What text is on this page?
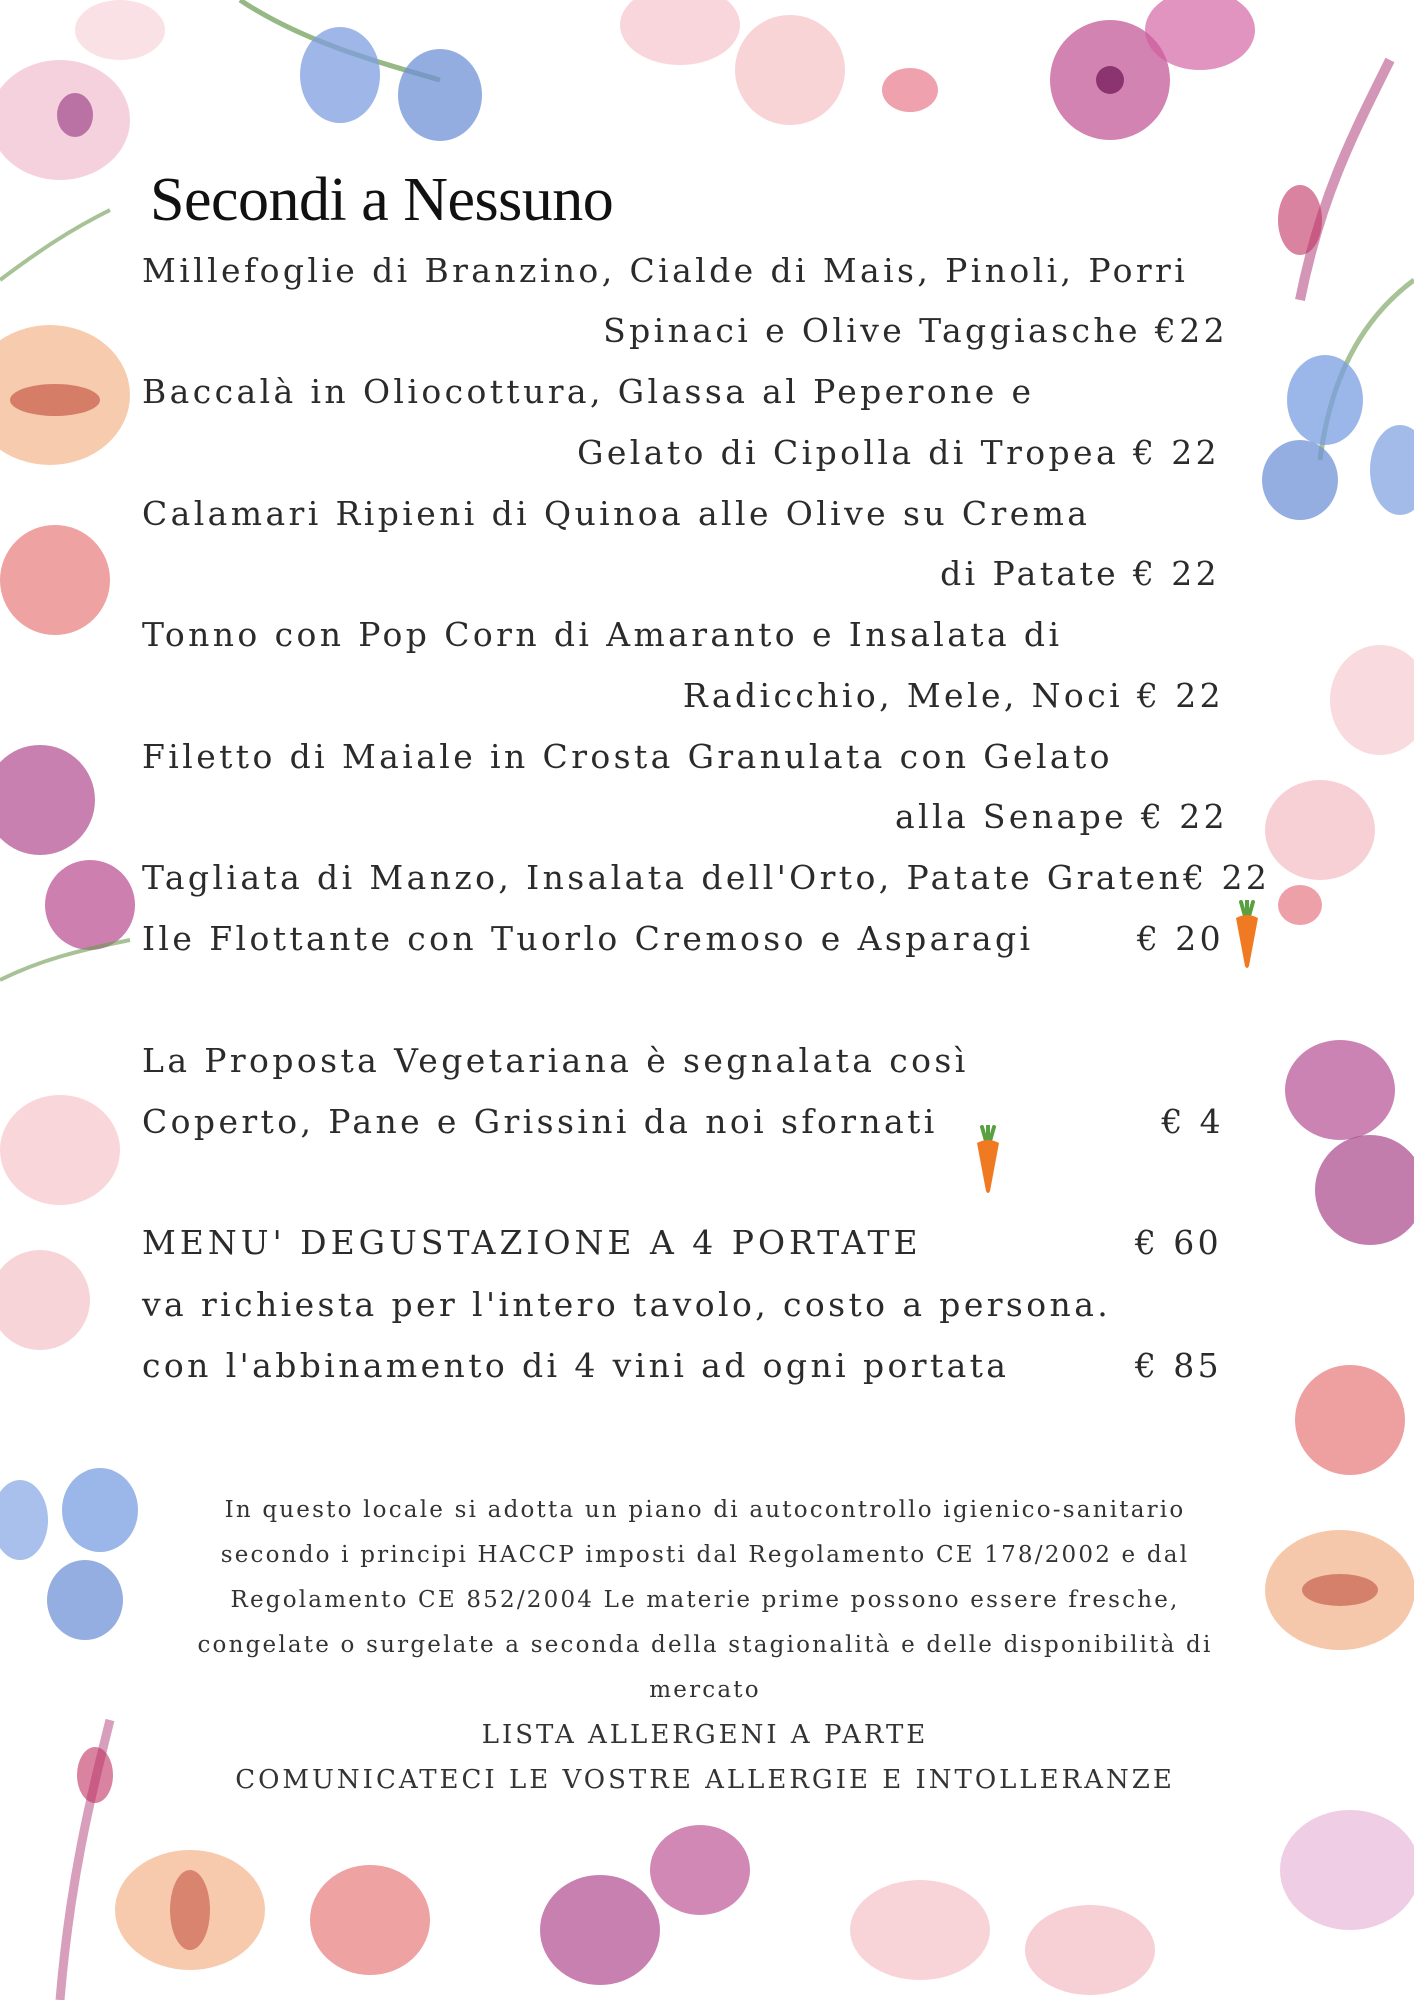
Secondi a Nessuno
Millefoglie di Branzino, Cialde di Mais, Pinoli, Porri
Spinaci e Olive Taggiasche €22
Baccalà in Oliocottura, Glassa al Peperone e
Gelato di Cipolla di Tropea € 22
Calamari Ripieni di Quinoa alle Olive su Crema
di Patate € 22
Tonno con Pop Corn di Amaranto e Insalata di
Radicchio, Mele, Noci € 22
Filetto di Maiale in Crosta Granulata con Gelato
alla Senape € 22
Tagliata di Manzo, Insalata dell'Orto, Patate Graten€ 22
Ile Flottante con Tuorlo Cremoso e Asparagi	€ 20
La Proposta Vegetariana è segnalata così
Coperto, Pane e Grissini da noi sfornati	€ 4
MENU' DEGUSTAZIONE A 4 PORTATE	€ 60
va richiesta per l'intero tavolo, costo a persona.
con l'abbinamento di 4 vini ad ogni portata	€ 85
In questo locale si adotta un piano di autocontrollo igienico-sanitario
secondo i principi HACCP imposti dal Regolamento CE 178/2002 e dal
Regolamento CE 852/2004 Le materie prime possono essere fresche,
congelate o surgelate a seconda della stagionalità e delle disponibilità di
mercato
LISTA ALLERGENI A PARTE
COMUNICATECI LE VOSTRE ALLERGIE E INTOLLERANZE
